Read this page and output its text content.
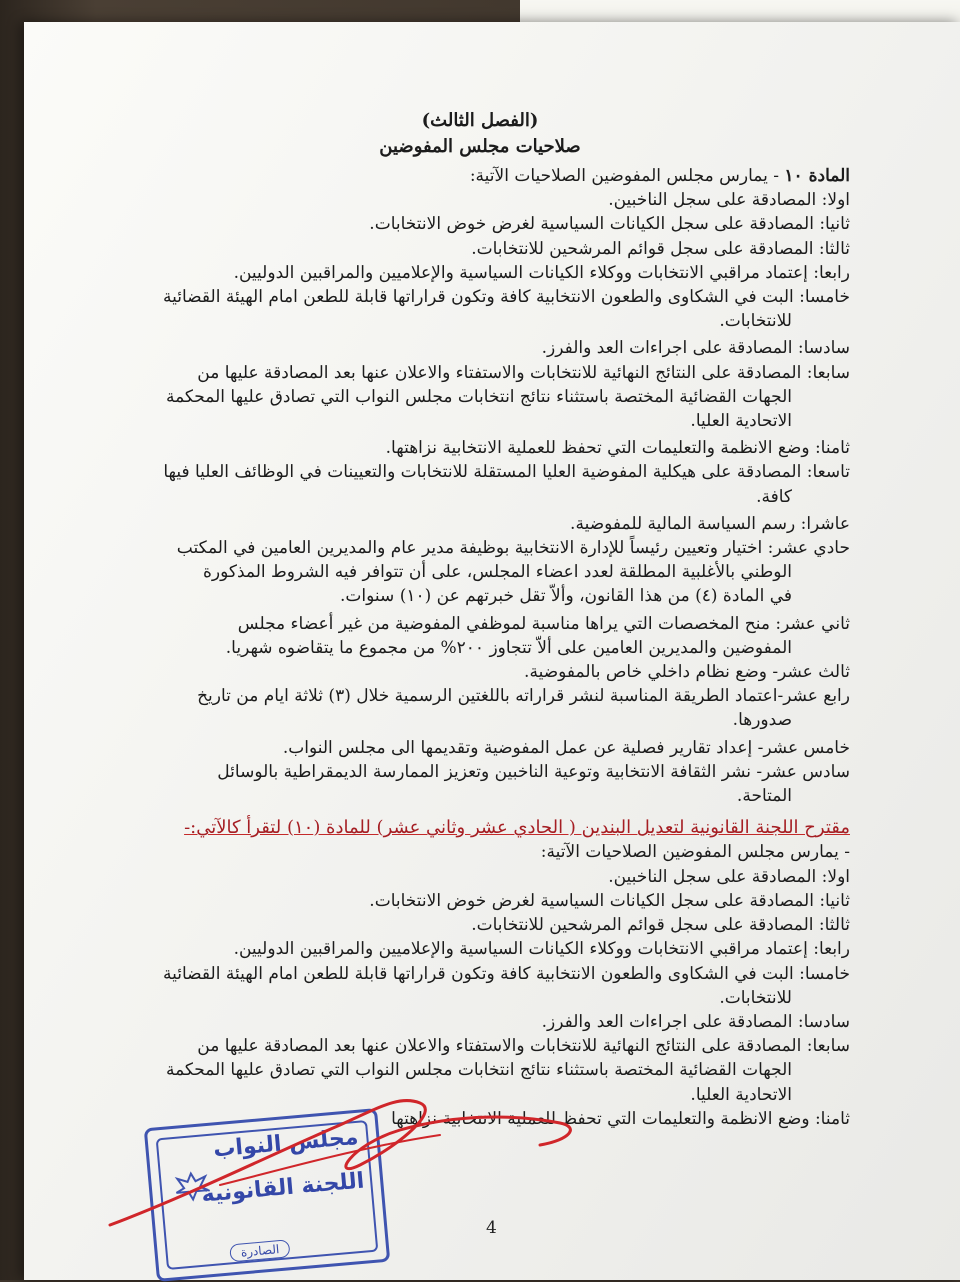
(الفصل الثالث)

صلاحيات مجلس المفوضين

المادة ١٠ - يمارس مجلس المفوضين الصلاحيات الآتية:

اولا: المصادقة على سجل الناخبين.

ثانيا: المصادقة على سجل الكيانات السياسية لغرض خوض الانتخابات.

ثالثا: المصادقة على سجل قوائم المرشحين للانتخابات.

رابعا: إعتماد مراقبي الانتخابات ووكلاء الكيانات السياسية والإعلاميين والمراقبين الدوليين.

خامسا: البت في الشكاوى والطعون الانتخابية كافة وتكون قراراتها قابلة للطعن امام الهيئة القضائية

للانتخابات.

سادسا: المصادقة على اجراءات العد والفرز.

سابعا: المصادقة على النتائج النهائية للانتخابات والاستفتاء والاعلان عنها بعد المصادقة عليها من

الجهات القضائية المختصة باستثناء نتائج انتخابات مجلس النواب التي تصادق عليها المحكمة

الاتحادية العليا.

ثامنا: وضع الانظمة والتعليمات التي تحفظ للعملية الانتخابية نزاهتها.

تاسعا: المصادقة على هيكلية المفوضية العليا المستقلة للانتخابات والتعيينات في الوظائف العليا فيها

كافة.

عاشرا: رسم السياسة المالية للمفوضية.

حادي عشر: اختيار وتعيين رئيساً للإدارة الانتخابية بوظيفة مدير عام والمديرين العامين في المكتب

الوطني بالأغلبية المطلقة لعدد اعضاء المجلس، على أن تتوافر فيه الشروط المذكورة

في المادة (٤) من هذا القانون، وألاّ تقل خبرتهم عن (١٠) سنوات.

ثاني عشر: منح المخصصات التي يراها مناسبة لموظفي المفوضية من غير أعضاء مجلس

المفوضين والمديرين العامين على ألاّ تتجاوز ٢٠٠% من مجموع ما يتقاضوه شهريا.

ثالث عشر- وضع نظام داخلي خاص بالمفوضية.

رابع عشر-اعتماد الطريقة المناسبة لنشر قراراته باللغتين الرسمية خلال (٣) ثلاثة ايام من تاريخ

صدورها.

خامس عشر- إعداد تقارير فصلية عن عمل المفوضية وتقديمها الى مجلس النواب.

سادس عشر- نشر الثقافة الانتخابية وتوعية الناخبين وتعزيز الممارسة الديمقراطية بالوسائل

المتاحة.

مقترح اللجنة القانونية لتعديل البندين ( الحادي عشر وثاني عشر) للمادة (١٠) لتقرأ كالآتي:-

- يمارس مجلس المفوضين الصلاحيات الآتية:

اولا: المصادقة على سجل الناخبين.

ثانيا: المصادقة على سجل الكيانات السياسية لغرض خوض الانتخابات.

ثالثا: المصادقة على سجل قوائم المرشحين للانتخابات.

رابعا: إعتماد مراقبي الانتخابات ووكلاء الكيانات السياسية والإعلاميين والمراقبين الدوليين.

خامسا: البت في الشكاوى والطعون الانتخابية كافة وتكون قراراتها قابلة للطعن امام الهيئة القضائية

للانتخابات.

سادسا: المصادقة على اجراءات العد والفرز.

سابعا: المصادقة على النتائج النهائية للانتخابات والاستفتاء والاعلان عنها بعد المصادقة عليها من

الجهات القضائية المختصة باستثناء نتائج انتخابات مجلس النواب التي تصادق عليها المحكمة

الاتحادية العليا.

ثامنا: وضع الانظمة والتعليمات التي تحفظ للعملية الانتخابية نزاهتها

مجلس النواب
اللجنة القانونية
الصادرة
4
